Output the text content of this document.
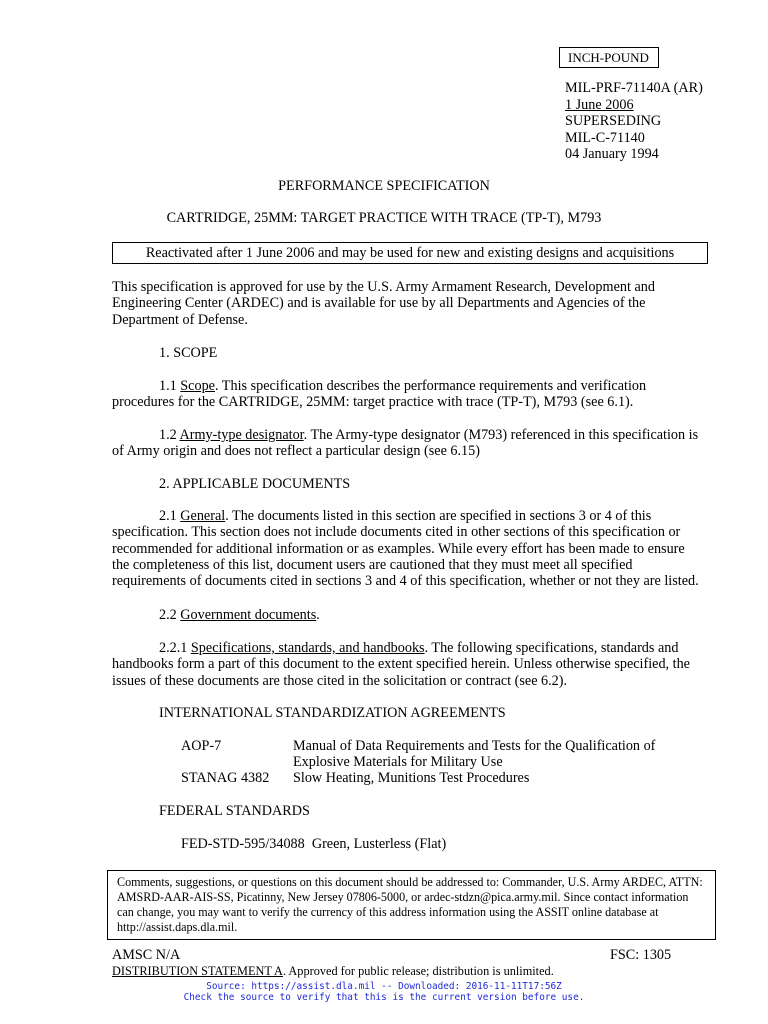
INCH-POUND
MIL-PRF-71140A (AR)
1 June 2006
SUPERSEDING
MIL-C-71140
04 January 1994
PERFORMANCE SPECIFICATION
CARTRIDGE, 25MM: TARGET PRACTICE WITH TRACE (TP-T), M793
Reactivated after 1 June 2006 and may be used for new and existing designs and acquisitions
This specification is approved for use by the U.S. Army Armament Research, Development and Engineering Center (ARDEC) and is available for use by all Departments and Agencies of the Department of Defense.
1. SCOPE
1.1 Scope. This specification describes the performance requirements and verification procedures for the CARTRIDGE, 25MM: target practice with trace (TP-T), M793 (see 6.1).
1.2 Army-type designator. The Army-type designator (M793) referenced in this specification is of Army origin and does not reflect a particular design (see 6.15)
2. APPLICABLE DOCUMENTS
2.1 General. The documents listed in this section are specified in sections 3 or 4 of this specification. This section does not include documents cited in other sections of this specification or recommended for additional information or as examples. While every effort has been made to ensure the completeness of this list, document users are cautioned that they must meet all specified requirements of documents cited in sections 3 and 4 of this specification, whether or not they are listed.
2.2 Government documents.
2.2.1 Specifications, standards, and handbooks. The following specifications, standards and handbooks form a part of this document to the extent specified herein. Unless otherwise specified, the issues of these documents are those cited in the solicitation or contract (see 6.2).
INTERNATIONAL STANDARDIZATION AGREEMENTS
AOP-7	Manual of Data Requirements and Tests for the Qualification of Explosive Materials for Military Use
STANAG 4382 Slow Heating, Munitions Test Procedures
FEDERAL STANDARDS
FED-STD-595/34088  Green, Lusterless (Flat)
Comments, suggestions, or questions on this document should be addressed to: Commander, U.S. Army ARDEC, ATTN: AMSRD-AAR-AIS-SS, Picatinny, New Jersey 07806-5000, or ardec-stdzn@pica.army.mil. Since contact information can change, you may want to verify the currency of this address information using the ASSIT online database at http://assist.daps.dla.mil.
AMSC N/A	FSC: 1305
DISTRIBUTION STATEMENT A. Approved for public release; distribution is unlimited.
Source: https://assist.dla.mil -- Downloaded: 2016-11-11T17:56Z
Check the source to verify that this is the current version before use.
